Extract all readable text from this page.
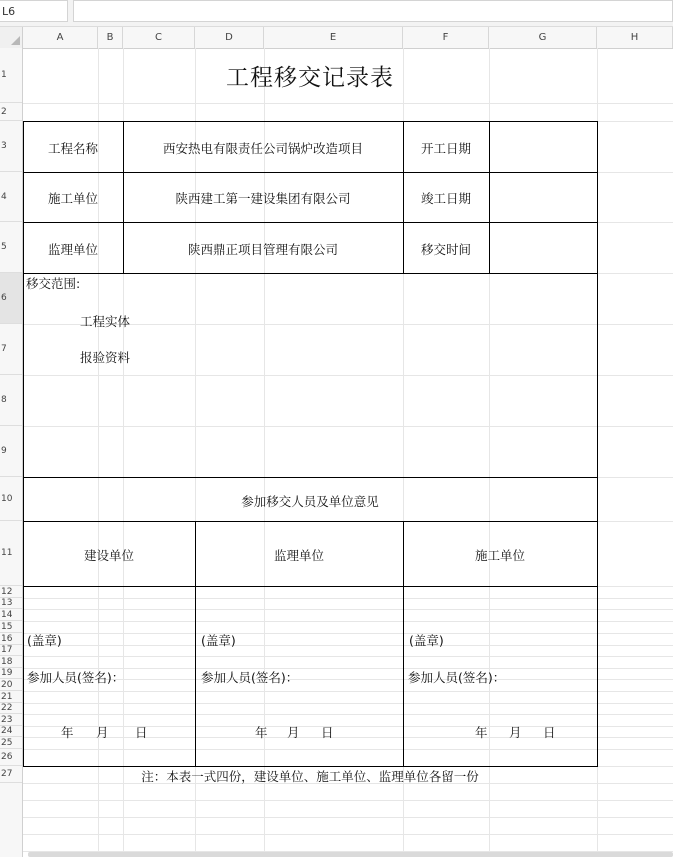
L6
A	B	C	D	E	F	G	H
1
2
3
4
5
6
7
8
9
10
11
12
13
14
15
16
17
18
19
20
21
22
23
24
25
26
27
工程移交记录表
工程名称	西安热电有限责任公司锅炉改造项目	开工日期
施工单位	陕西建工第一建设集团有限公司	竣工日期
监理单位	陕西鼎正项目管理有限公司	移交时间
移交范围:
工程实体
报验资料
参加移交人员及单位意见
建设单位	监理单位	施工单位
(盖章)	(盖章)	(盖章)
参加人员(签名)：	参加人员(签名)：	参加人员(签名)：
年 月 日	年 月 日	年 月 日
注：本表一式四份，建设单位、施工单位、监理单位各留一份
